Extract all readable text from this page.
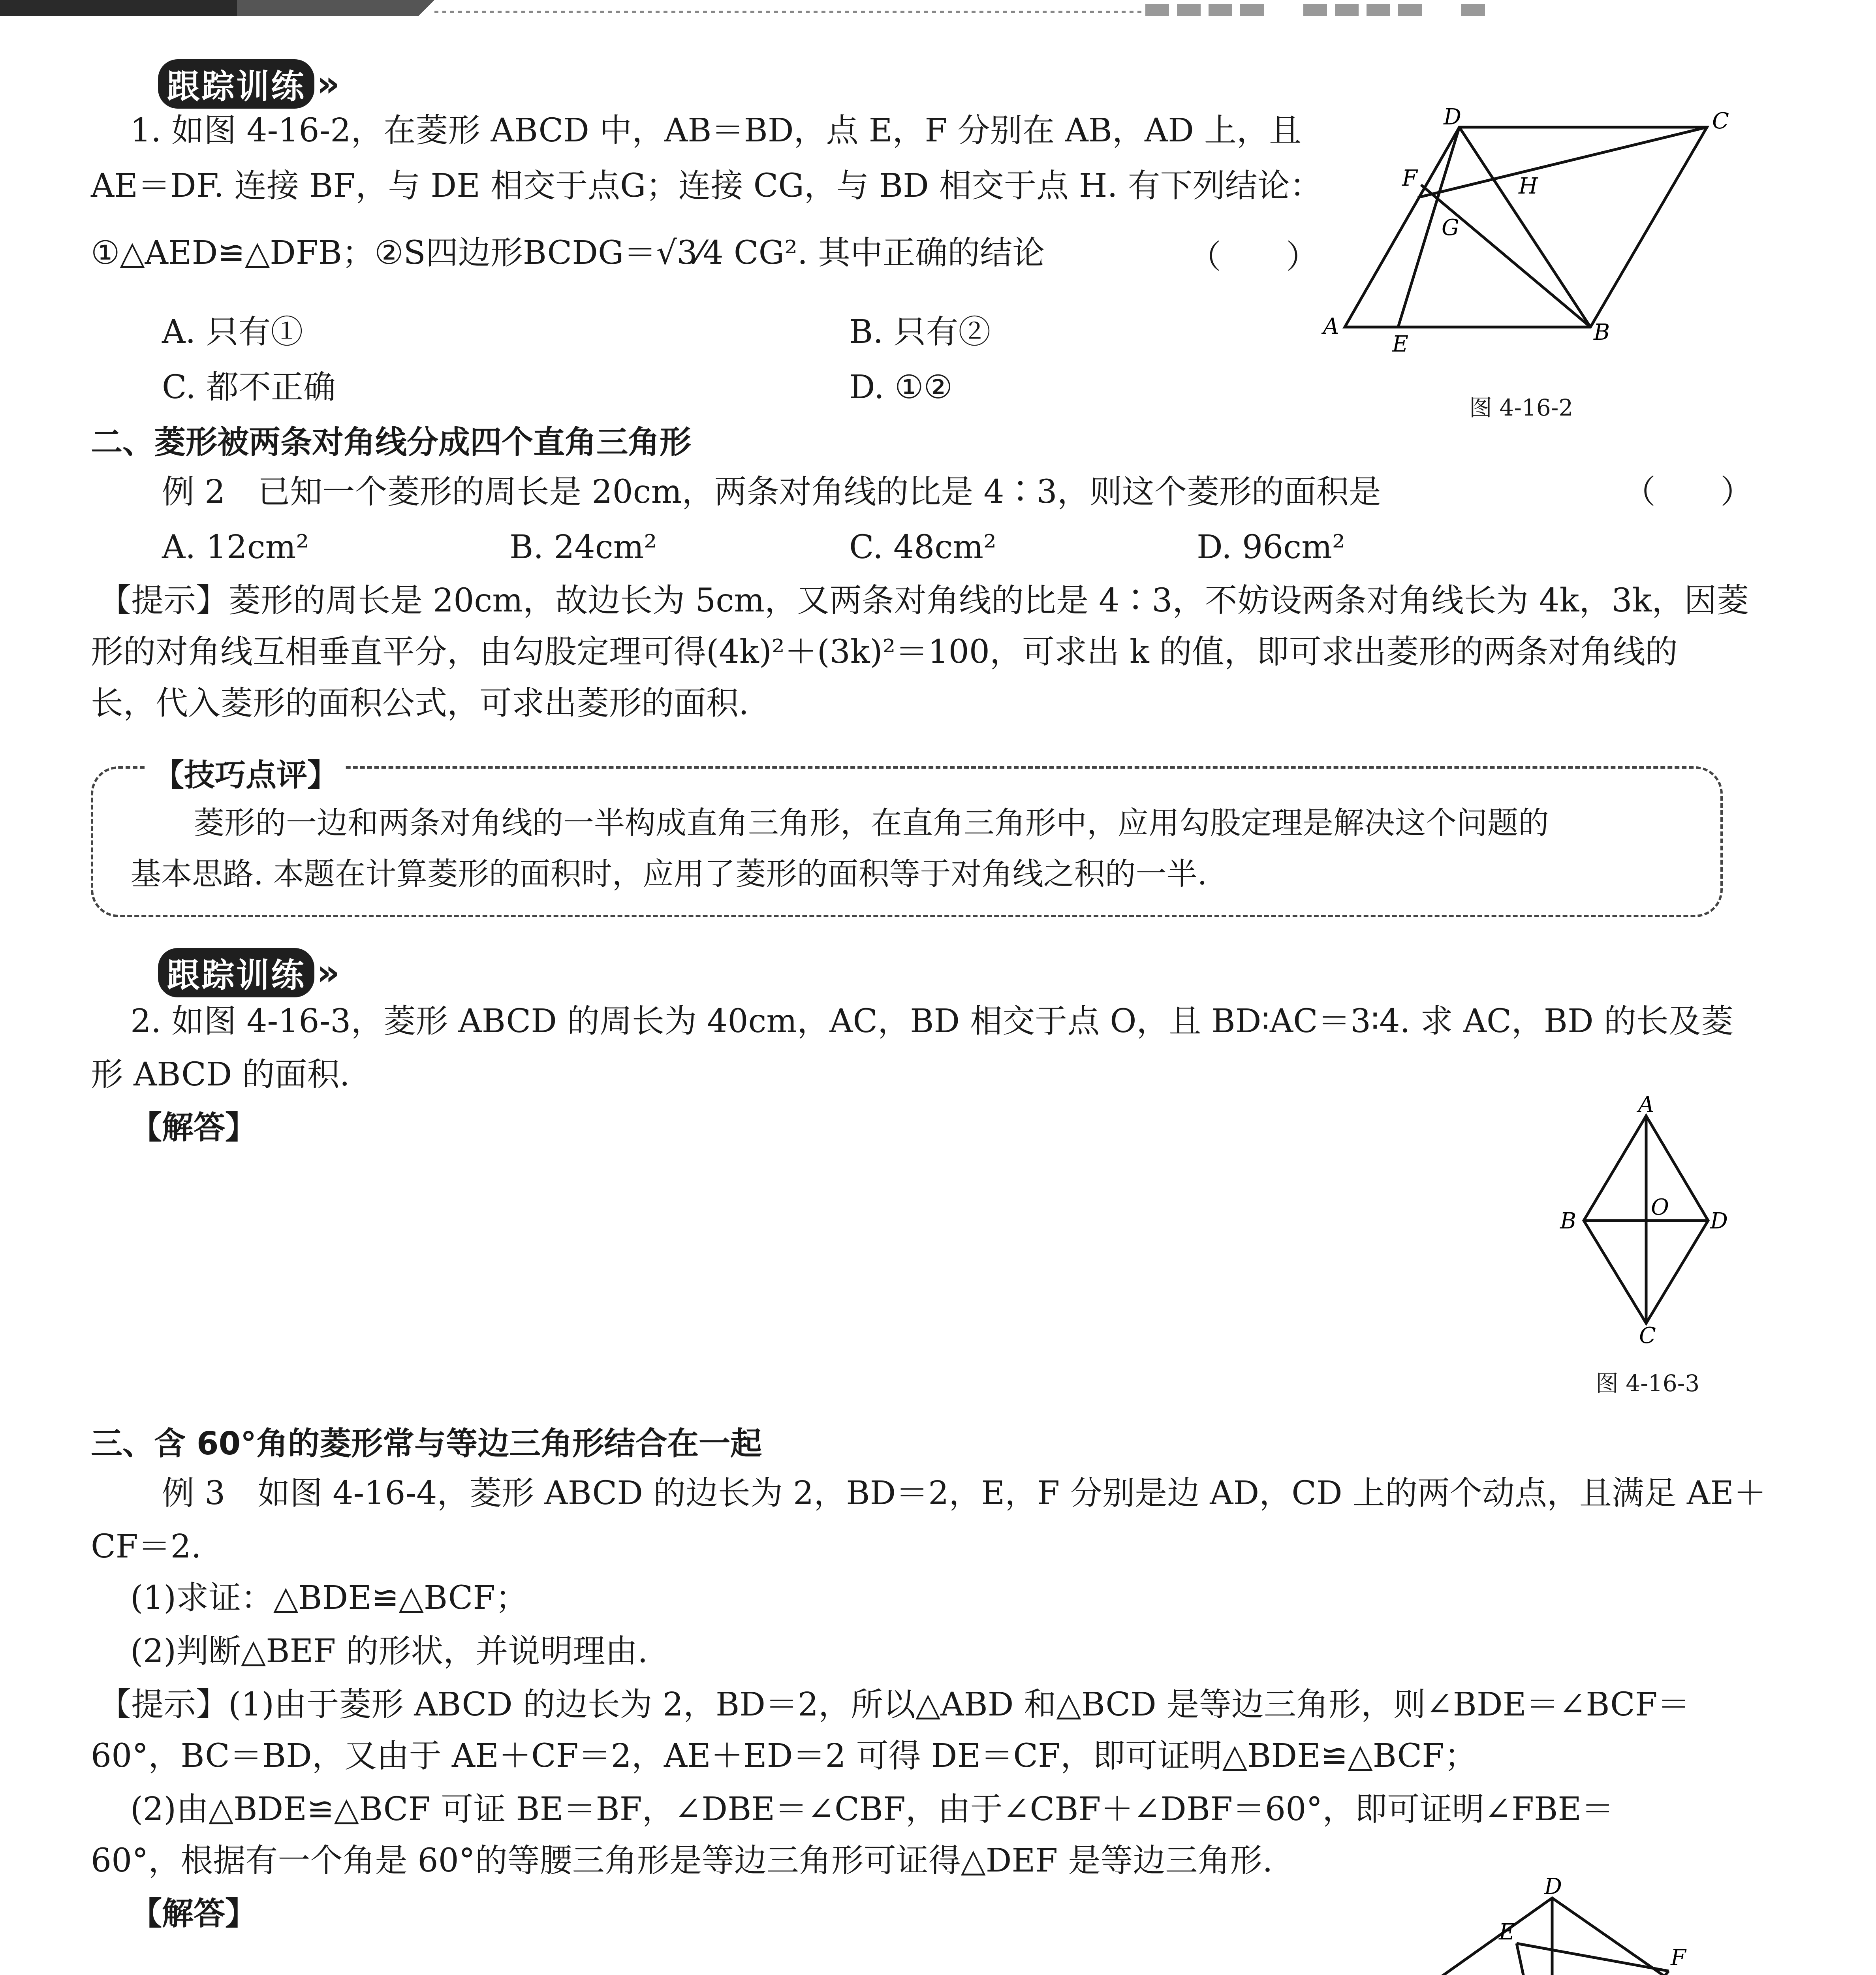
跟踪训练 »
1. 如图 4-16-2，在菱形 ABCD 中，AB＝BD，点 E，F 分别在 AB，AD 上，且
AE＝DF. 连接 BF，与 DE 相交于点G；连接 CG，与 BD 相交于点 H. 有下列结论：
①△AED≌△DFB；②S四边形BCDG＝√3⁄4 CG². 其中正确的结论	（　　）
A. 只有①	B. 只有②
C. 都不正确	D. ①②
D	C
F	H
G
A
E	B
图 4-16-2
二、菱形被两条对角线分成四个直角三角形
例 2　已知一个菱形的周长是 20cm，两条对角线的比是 4∶3，则这个菱形的面积是	（　　）
A. 12cm²	B. 24cm²	C. 48cm²	D. 96cm²
【提示】菱形的周长是 20cm，故边长为 5cm，又两条对角线的比是 4∶3，不妨设两条对角线长为 4k，3k，因菱
形的对角线互相垂直平分，由勾股定理可得(4k)²＋(3k)²＝100，可求出 k 的值，即可求出菱形的两条对角线的
长，代入菱形的面积公式，可求出菱形的面积.
【技巧点评】
菱形的一边和两条对角线的一半构成直角三角形，在直角三角形中，应用勾股定理是解决这个问题的
基本思路. 本题在计算菱形的面积时，应用了菱形的面积等于对角线之积的一半.
跟踪训练 »
2. 如图 4-16-3，菱形 ABCD 的周长为 40cm，AC，BD 相交于点 O，且 BD∶AC＝3∶4. 求 AC，BD 的长及菱
形 ABCD 的面积.
【解答】
A
B
O
D
C
图 4-16-3
三、含 60°角的菱形常与等边三角形结合在一起
例 3　如图 4-16-4，菱形 ABCD 的边长为 2，BD＝2，E，F 分别是边 AD，CD 上的两个动点，且满足 AE＋
CF＝2.
(1)求证：△BDE≌△BCF；
(2)判断△BEF 的形状，并说明理由.
【提示】(1)由于菱形 ABCD 的边长为 2，BD＝2，所以△ABD 和△BCD 是等边三角形，则∠BDE＝∠BCF＝
60°，BC＝BD，又由于 AE＋CF＝2，AE＋ED＝2 可得 DE＝CF，即可证明△BDE≌△BCF；
(2)由△BDE≌△BCF 可证 BE＝BF，∠DBE＝∠CBF，由于∠CBF＋∠DBF＝60°，即可证明∠FBE＝
60°，根据有一个角是 60°的等腰三角形是等边三角形可证得△DEF 是等边三角形.
【解答】
D
E
F
